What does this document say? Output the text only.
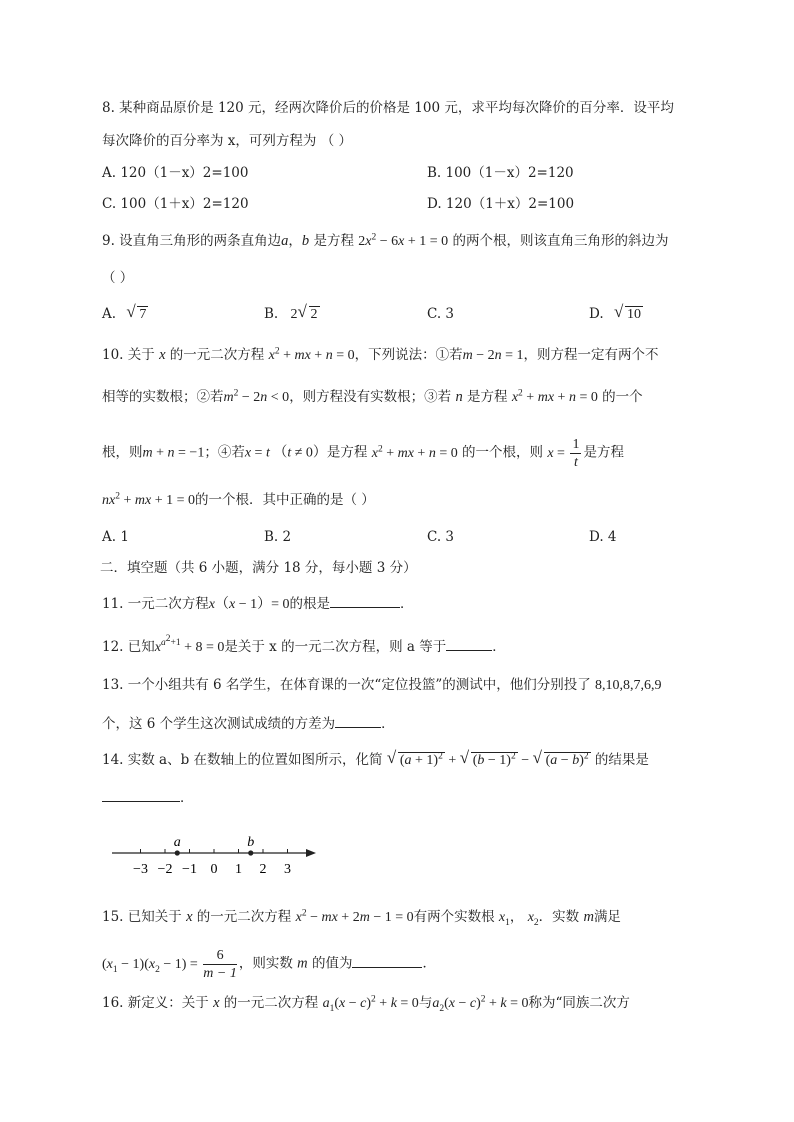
8. 某种商品原价是 120 元，经两次降价后的价格是 100 元，求平均每次降价的百分率．设平均
每次降价的百分率为 x，可列方程为 （ ）
A. 120（1－x）2=100	B. 100（1－x）2=120
C. 100（1＋x）2=120	D. 120（1＋x）2=100
9. 设直角三角形的两条直角边a，b 是方程 $2x^2 - 6x + 1 = 0$ 的两个根，则该直角三角形的斜边为
（ ）
A. √ 7	B. 2 √ 2	C. 3	D. √ 10
10. 关于 x 的一元二次方程 $x^2$ + mx + n = 0，下列说法：①若m − 2n = 1，则方程一定有两个不
相等的实数根；②若$m^2 - 2n < 0$，则方程没有实数根；③若 n 是方程 $x^2$ + mx + n = 0 的一个
根，则m + n = −1；④若x = t （t ≠ 0）是方程 $x^2$ + mx + n = 0 的一个根，则 $x = \frac{1}{t}$ 是方程
$nx^2$ + mx + 1 = 0的一个根．其中正确的是（ ）
A. 1	B. 2	C. 3	D. 4
二．填空题（共 6 小题，满分 18 分，每小题 3 分）
11. 一元二次方程x（x − 1）= 0的根是	．
12. 已知$x^{a^2+1} + 8 = 0$是关于 x 的一元二次方程，则 a 等于	．
13. 一个小组共有 6 名学生，在体育课的一次“定位投篮”的测试中，他们分别投了 8,10,8,7,6,9
个，这 6 个学生这次测试成绩的方差为	．
14. 实数 a、b 在数轴上的位置如图所示，化简 √ $(a + 1)^2$ + √ $(b - 1)^2$ − √ $(a - b)^2$ 的结果是
．
−3 −2 −1 0 1 2 3
a	b
15. 已知关于 x 的一元二次方程 $x^2$ − mx + 2m − 1 = 0有两个实数根 $x_1$， $x_2$．实数 m满足
$(x_1 - 1)(x_2 - 1) = \frac{6}{m - 1}$ ，则实数 m 的值为	．
16. 新定义：关于 x 的一元二次方程 $a_1(x - c)^2 + k = 0$与$a_2(x - c)^2 + k = 0$称为“同族二次方
